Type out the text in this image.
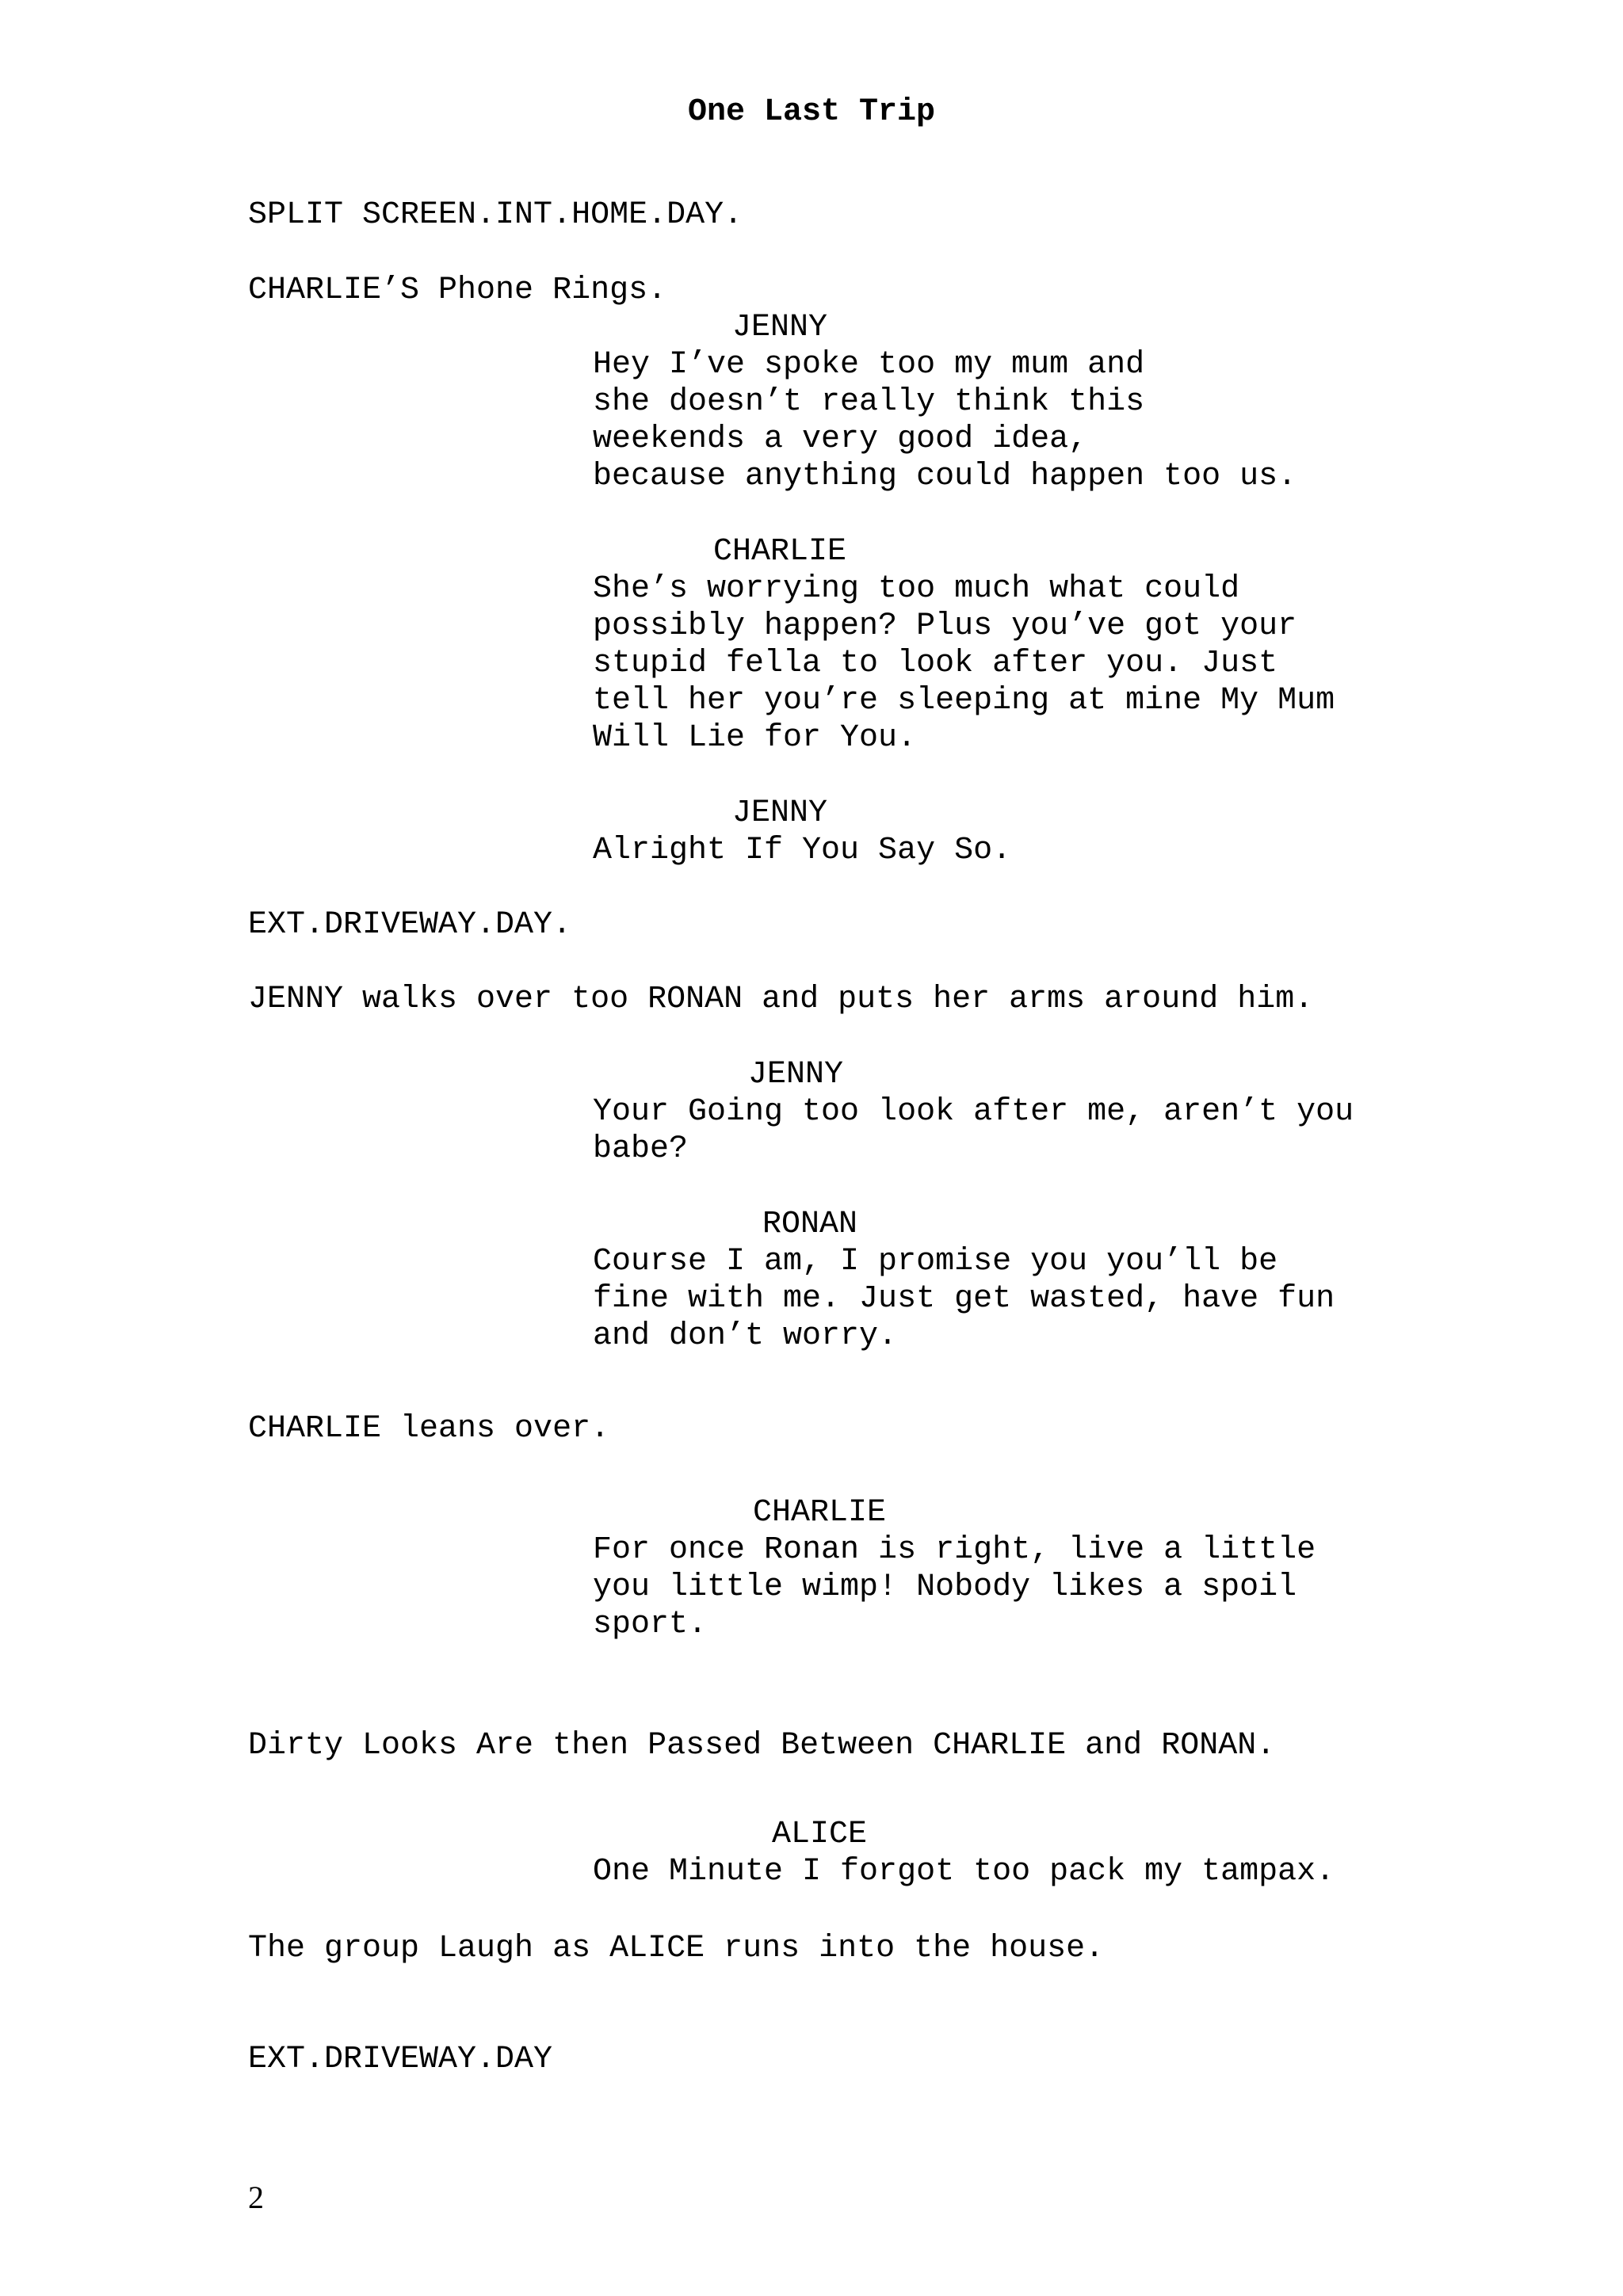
One Last Trip
SPLIT SCREEN.INT.HOME.DAY.
CHARLIE’S Phone Rings.
JENNY
Hey I’ve spoke too my mum and
she doesn’t really think this
weekends a very good idea,
because anything could happen too us.
CHARLIE
She’s worrying too much what could
possibly happen? Plus you’ve got your
stupid fella to look after you. Just
tell her you’re sleeping at mine My Mum
Will Lie for You.
JENNY
Alright If You Say So.
EXT.DRIVEWAY.DAY.
JENNY walks over too RONAN and puts her arms around him.
JENNY
Your Going too look after me, aren’t you
babe?
RONAN
Course I am, I promise you you’ll be
fine with me. Just get wasted, have fun
and don’t worry.
CHARLIE leans over.
CHARLIE
For once Ronan is right, live a little
you little wimp! Nobody likes a spoil
sport.
Dirty Looks Are then Passed Between CHARLIE and RONAN.
ALICE
One Minute I forgot too pack my tampax.
The group Laugh as ALICE runs into the house.
EXT.DRIVEWAY.DAY
2
